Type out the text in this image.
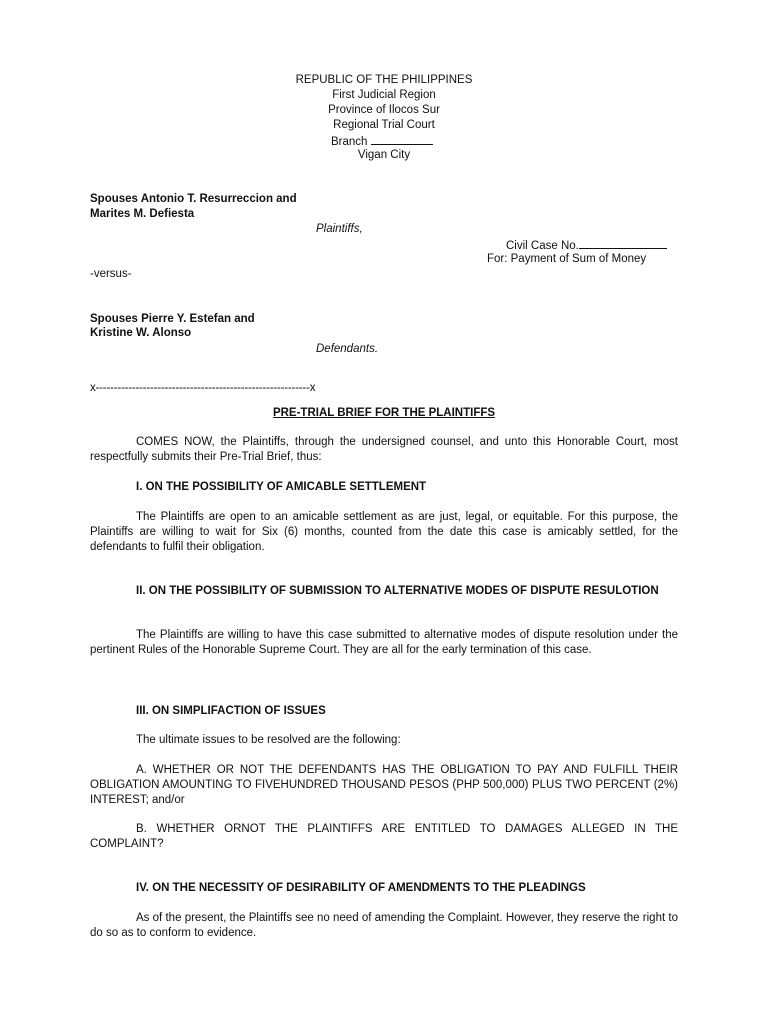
REPUBLIC OF THE PHILIPPINES
First Judicial Region
Province of Ilocos Sur
Regional Trial Court
Branch
Vigan City
Spouses Antonio T. Resurreccion and
Marites M. Defiesta
Plaintiffs,
Civil Case No.
For: Payment of Sum of Money
-versus-
Spouses Pierre Y. Estefan and
Kristine W. Alonso
Defendants.
x-----------------------------------------------------------x
PRE-TRIAL BRIEF FOR THE PLAINTIFFS
COMES NOW, the Plaintiffs, through the undersigned counsel, and unto this Honorable Court, most respectfully submits their Pre-Trial Brief, thus:
I. ON THE POSSIBILITY OF AMICABLE SETTLEMENT
The Plaintiffs are open to an amicable settlement as are just, legal, or equitable. For this purpose, the Plaintiffs are willing to wait for Six (6) months, counted from the date this case is amicably settled, for the defendants to fulfil their obligation.
II. ON THE POSSIBILITY OF SUBMISSION TO ALTERNATIVE MODES OF DISPUTE RESULOTION
The Plaintiffs are willing to have this case submitted to alternative modes of dispute resolution under the pertinent Rules of the Honorable Supreme Court. They are all for the early termination of this case.
III. ON SIMPLIFACTION OF ISSUES
The ultimate issues to be resolved are the following:
A. WHETHER OR NOT THE DEFENDANTS HAS THE OBLIGATION TO PAY AND FULFILL THEIR OBLIGATION AMOUNTING TO FIVEHUNDRED THOUSAND PESOS (PHP 500,000) PLUS TWO PERCENT (2%) INTEREST; and/or
B. WHETHER ORNOT THE PLAINTIFFS ARE ENTITLED TO DAMAGES ALLEGED IN THE COMPLAINT?
IV. ON THE NECESSITY OF DESIRABILITY OF AMENDMENTS TO THE PLEADINGS
As of the present, the Plaintiffs see no need of amending the Complaint. However, they reserve the right to do so as to conform to evidence.
